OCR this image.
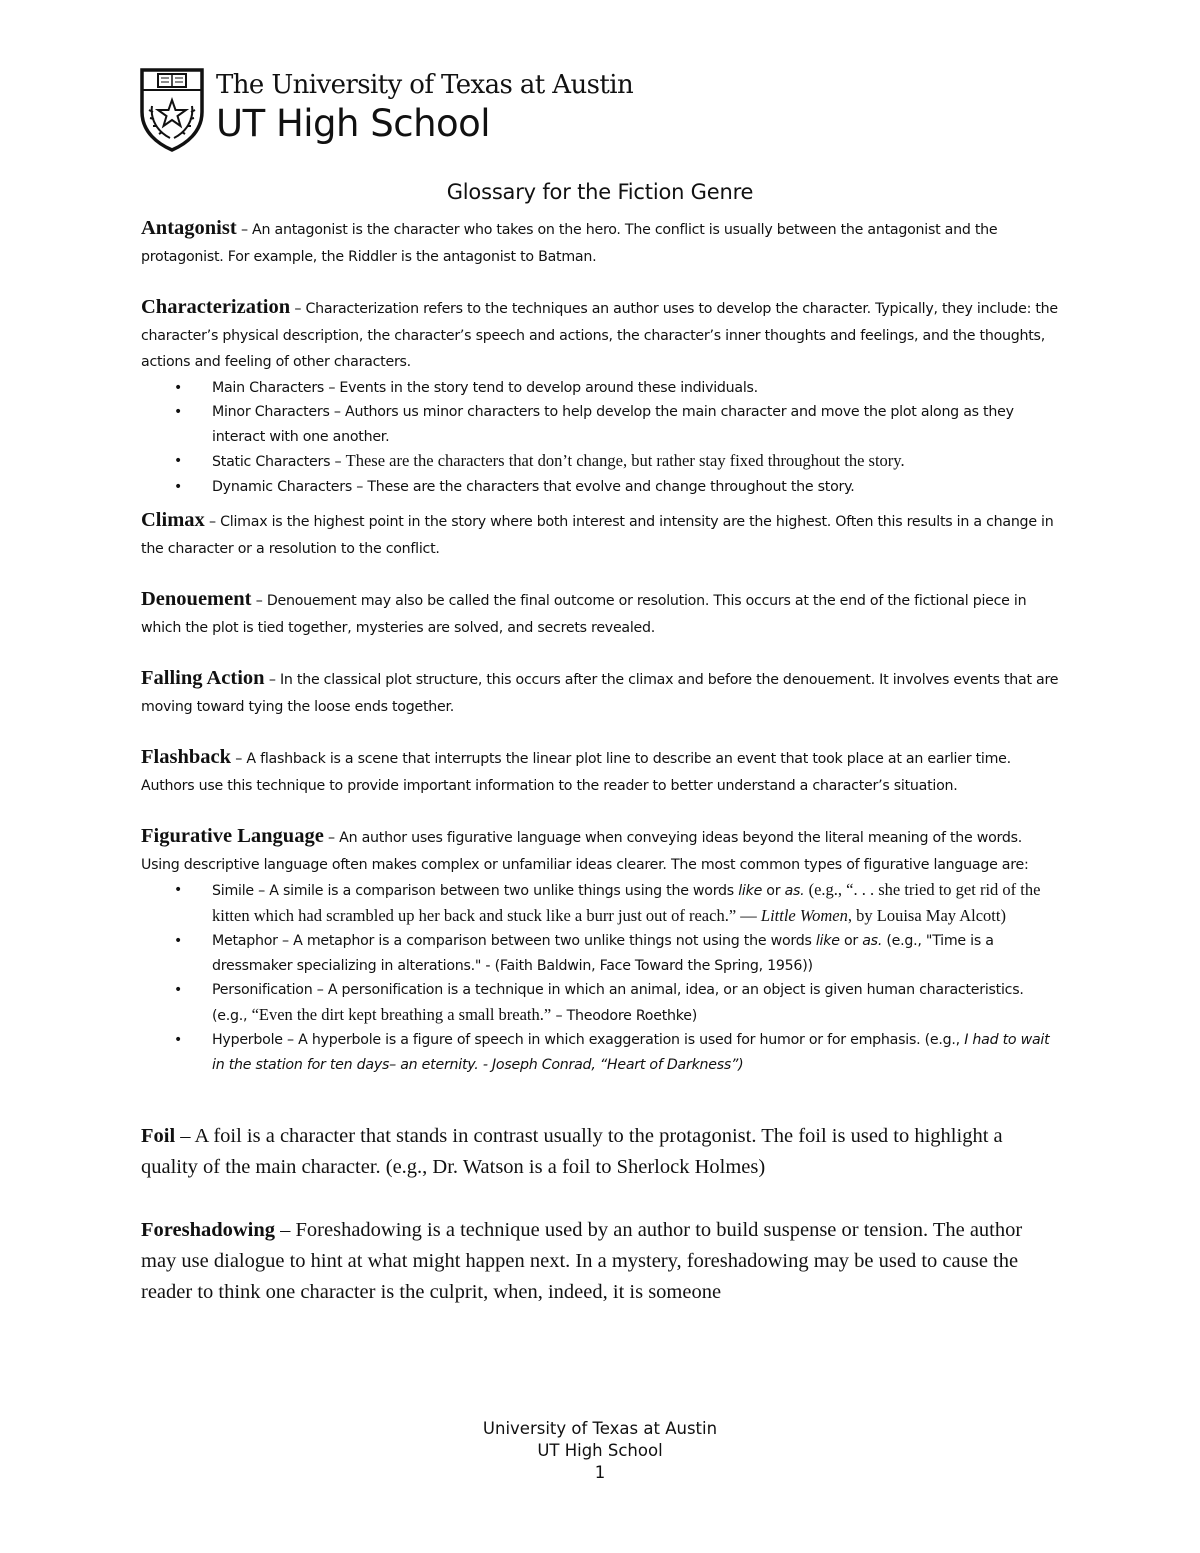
The University of Texas at Austin
UT High School
Glossary for the Fiction Genre
Antagonist – An antagonist is the character who takes on the hero. The conflict is usually between the antagonist and the protagonist. For example, the Riddler is the antagonist to Batman.
Characterization – Characterization refers to the techniques an author uses to develop the character. Typically, they include: the character’s physical description, the character’s speech and actions, the character’s inner thoughts and feelings, and the thoughts, actions and feeling of other characters.
• Main Characters – Events in the story tend to develop around these individuals.
• Minor Characters – Authors us minor characters to help develop the main character and move the plot along as they interact with one another.
• Static Characters – These are the characters that don’t change, but rather stay fixed throughout the story.
• Dynamic Characters – These are the characters that evolve and change throughout the story.
Climax – Climax is the highest point in the story where both interest and intensity are the highest. Often this results in a change in the character or a resolution to the conflict.
Denouement – Denouement may also be called the final outcome or resolution. This occurs at the end of the fictional piece in which the plot is tied together, mysteries are solved, and secrets revealed.
Falling Action – In the classical plot structure, this occurs after the climax and before the denouement. It involves events that are moving toward tying the loose ends together.
Flashback – A flashback is a scene that interrupts the linear plot line to describe an event that took place at an earlier time. Authors use this technique to provide important information to the reader to better understand a character’s situation.
Figurative Language – An author uses figurative language when conveying ideas beyond the literal meaning of the words. Using descriptive language often makes complex or unfamiliar ideas clearer. The most common types of figurative language are:
• Simile – A simile is a comparison between two unlike things using the words like or as. (e.g., “. . . she tried to get rid of the kitten which had scrambled up her back and stuck like a burr just out of reach.” — Little Women, by Louisa May Alcott)
• Metaphor – A metaphor is a comparison between two unlike things not using the words like or as. (e.g., "Time is a dressmaker specializing in alterations." - (Faith Baldwin, Face Toward the Spring, 1956))
• Personification – A personification is a technique in which an animal, idea, or an object is given human characteristics. (e.g., “Even the dirt kept breathing a small breath.” – Theodore Roethke)
• Hyperbole – A hyperbole is a figure of speech in which exaggeration is used for humor or for emphasis. (e.g., I had to wait in the station for ten days– an eternity. - Joseph Conrad, “Heart of Darkness”)
Foil – A foil is a character that stands in contrast usually to the protagonist. The foil is used to highlight a quality of the main character. (e.g., Dr. Watson is a foil to Sherlock Holmes)
Foreshadowing – Foreshadowing is a technique used by an author to build suspense or tension. The author may use dialogue to hint at what might happen next. In a mystery, foreshadowing may be used to cause the reader to think one character is the culprit, when, indeed, it is someone
University of Texas at Austin
UT High School
1
